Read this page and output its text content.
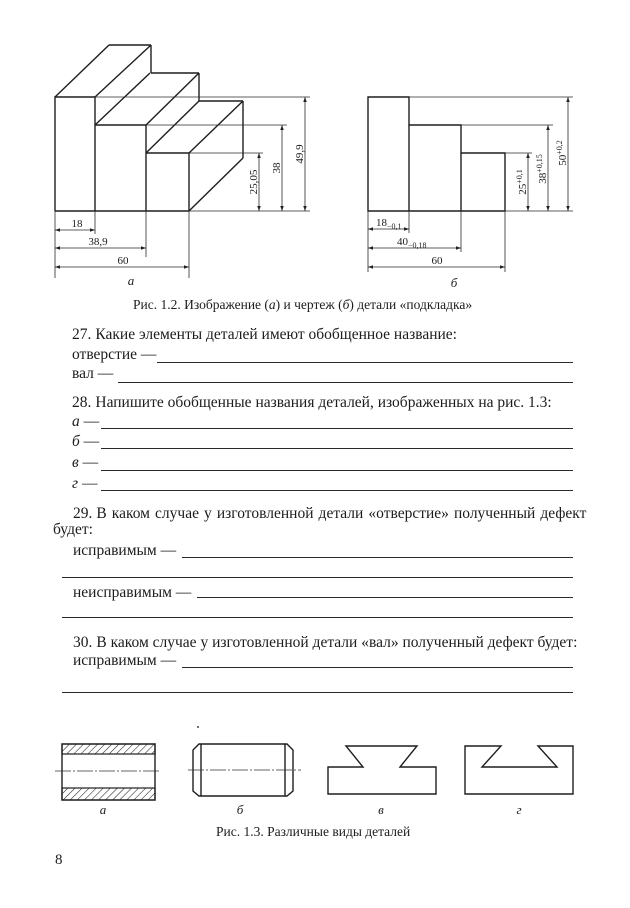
18
38,9
60
25,05
38
49,9
а
$18_{-0,1}$
$40_{-0,18}$
60
$25^{+0,1}$	$38^{+0,15}$	$50^{+0,2}$
б
а	б	в	г
Рис. 1.2. Изображение (а) и чертеж (б) детали «подкладка»
27. Какие элементы деталей имеют обобщенное название:
отверстие —
вал —
28. Напишите обобщенные названия деталей, изображенных на рис. 1.3:
а —
б —
в —
г —
29. В каком случае у изготовленной детали «отверстие» полученный дефект
будет:
исправимым —
неисправимым —
30. В каком случае у изготовленной детали «вал» полученный дефект будет:
исправимым —
Рис. 1.3. Различные виды деталей
8
